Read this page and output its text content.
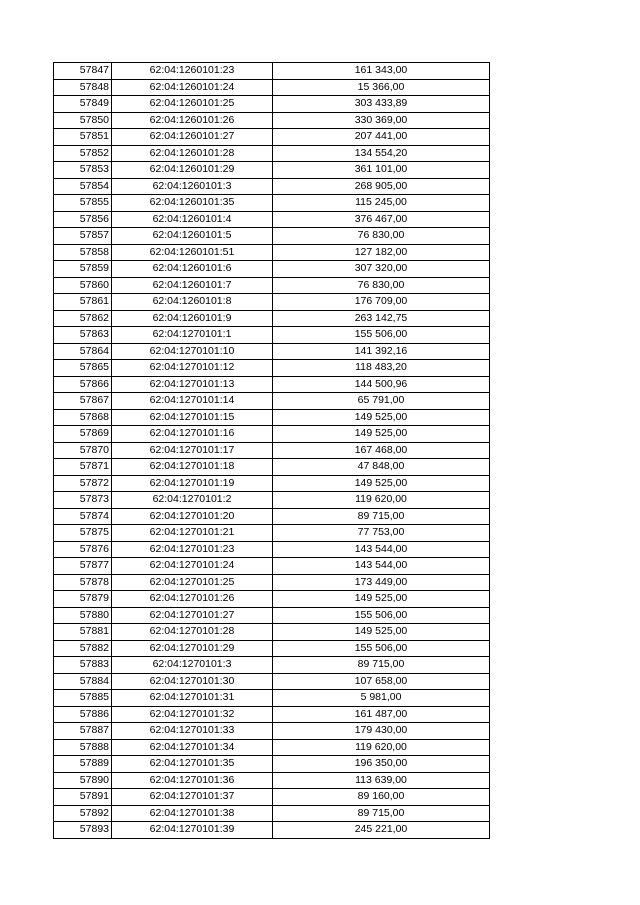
57847	62:04:1260101:23	161 343,00
57848	62:04:1260101:24	15 366,00
57849	62:04:1260101:25	303 433,89
57850	62:04:1260101:26	330 369,00
57851	62:04:1260101:27	207 441,00
57852	62:04:1260101:28	134 554,20
57853	62:04:1260101:29	361 101,00
57854	62:04:1260101:3	268 905,00
57855	62:04:1260101:35	115 245,00
57856	62:04:1260101:4	376 467,00
57857	62:04:1260101:5	76 830,00
57858	62:04:1260101:51	127 182,00
57859	62:04:1260101:6	307 320,00
57860	62:04:1260101:7	76 830,00
57861	62:04:1260101:8	176 709,00
57862	62:04:1260101:9	263 142,75
57863	62:04:1270101:1	155 506,00
57864	62:04:1270101:10	141 392,16
57865	62:04:1270101:12	118 483,20
57866	62:04:1270101:13	144 500,96
57867	62:04:1270101:14	65 791,00
57868	62:04:1270101:15	149 525,00
57869	62:04:1270101:16	149 525,00
57870	62:04:1270101:17	167 468,00
57871	62:04:1270101:18	47 848,00
57872	62:04:1270101:19	149 525,00
57873	62:04:1270101:2	119 620,00
57874	62:04:1270101:20	89 715,00
57875	62:04:1270101:21	77 753,00
57876	62:04:1270101:23	143 544,00
57877	62:04:1270101:24	143 544,00
57878	62:04:1270101:25	173 449,00
57879	62:04:1270101:26	149 525,00
57880	62:04:1270101:27	155 506,00
57881	62:04:1270101:28	149 525,00
57882	62:04:1270101:29	155 506,00
57883	62:04:1270101:3	89 715,00
57884	62:04:1270101:30	107 658,00
57885	62:04:1270101:31	5 981,00
57886	62:04:1270101:32	161 487,00
57887	62:04:1270101:33	179 430,00
57888	62:04:1270101:34	119 620,00
57889	62:04:1270101:35	196 350,00
57890	62:04:1270101:36	113 639,00
57891	62:04:1270101:37	89 160,00
57892	62:04:1270101:38	89 715,00
57893	62:04:1270101:39	245 221,00
